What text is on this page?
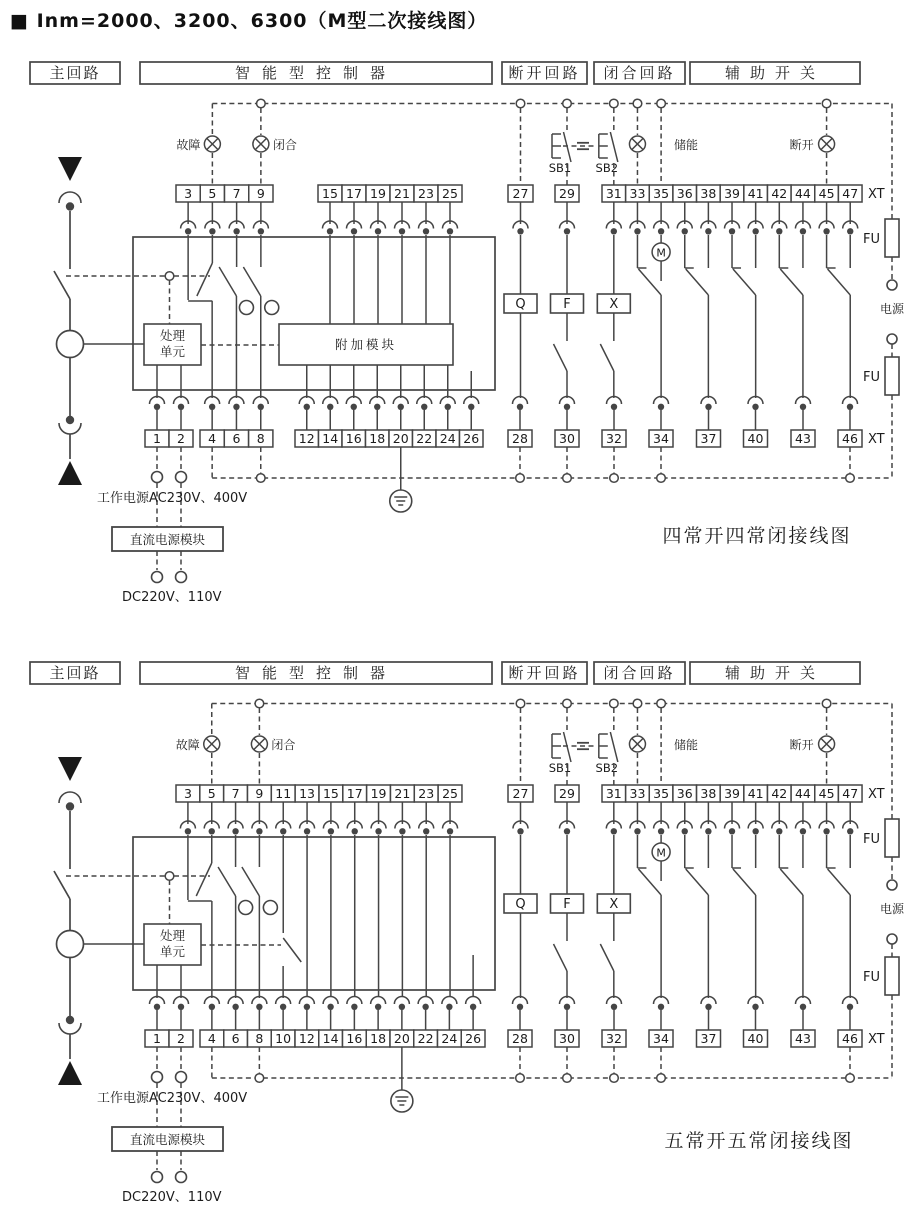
■ Inm=2000、3200、6300（M型二次接线图）
主回路	智能型控制器	断开回路 闭合回路	辅助开关
3 5 7 9	15 17 19 21 23 25	27 29 31 33 35 36 38 39 41 42 44 45 47
1 2 4 6 8	12 14 16 18 20 22 24 26	28 30 32 34	37 40	43 46
XT
XT
故障	闭合
SB1 SB2
储能	断开
处理
单元	附加模块
Q	F	X
M
FU
电源
FU
工作电源AC230V、400V
直流电源模块
DC220V、110V
四常开四常闭接线图
主回路	智能型控制器	断开回路 闭合回路	辅助开关
3 5 7 9 11 13 15 17 19 21 23 25	27 29 31 33 35 36 38 39 41 42 44 45 47
1 2 4 6 8 10 12 14 16 18 20 22 24 26 28 30 32 34	37 40	43 46
XT
XT
故障	闭合
SB1 SB2
储能	断开
处理
单元
Q	F	X
M
FU
电源
FU
工作电源AC230V、400V
直流电源模块
DC220V、110V
五常开五常闭接线图
